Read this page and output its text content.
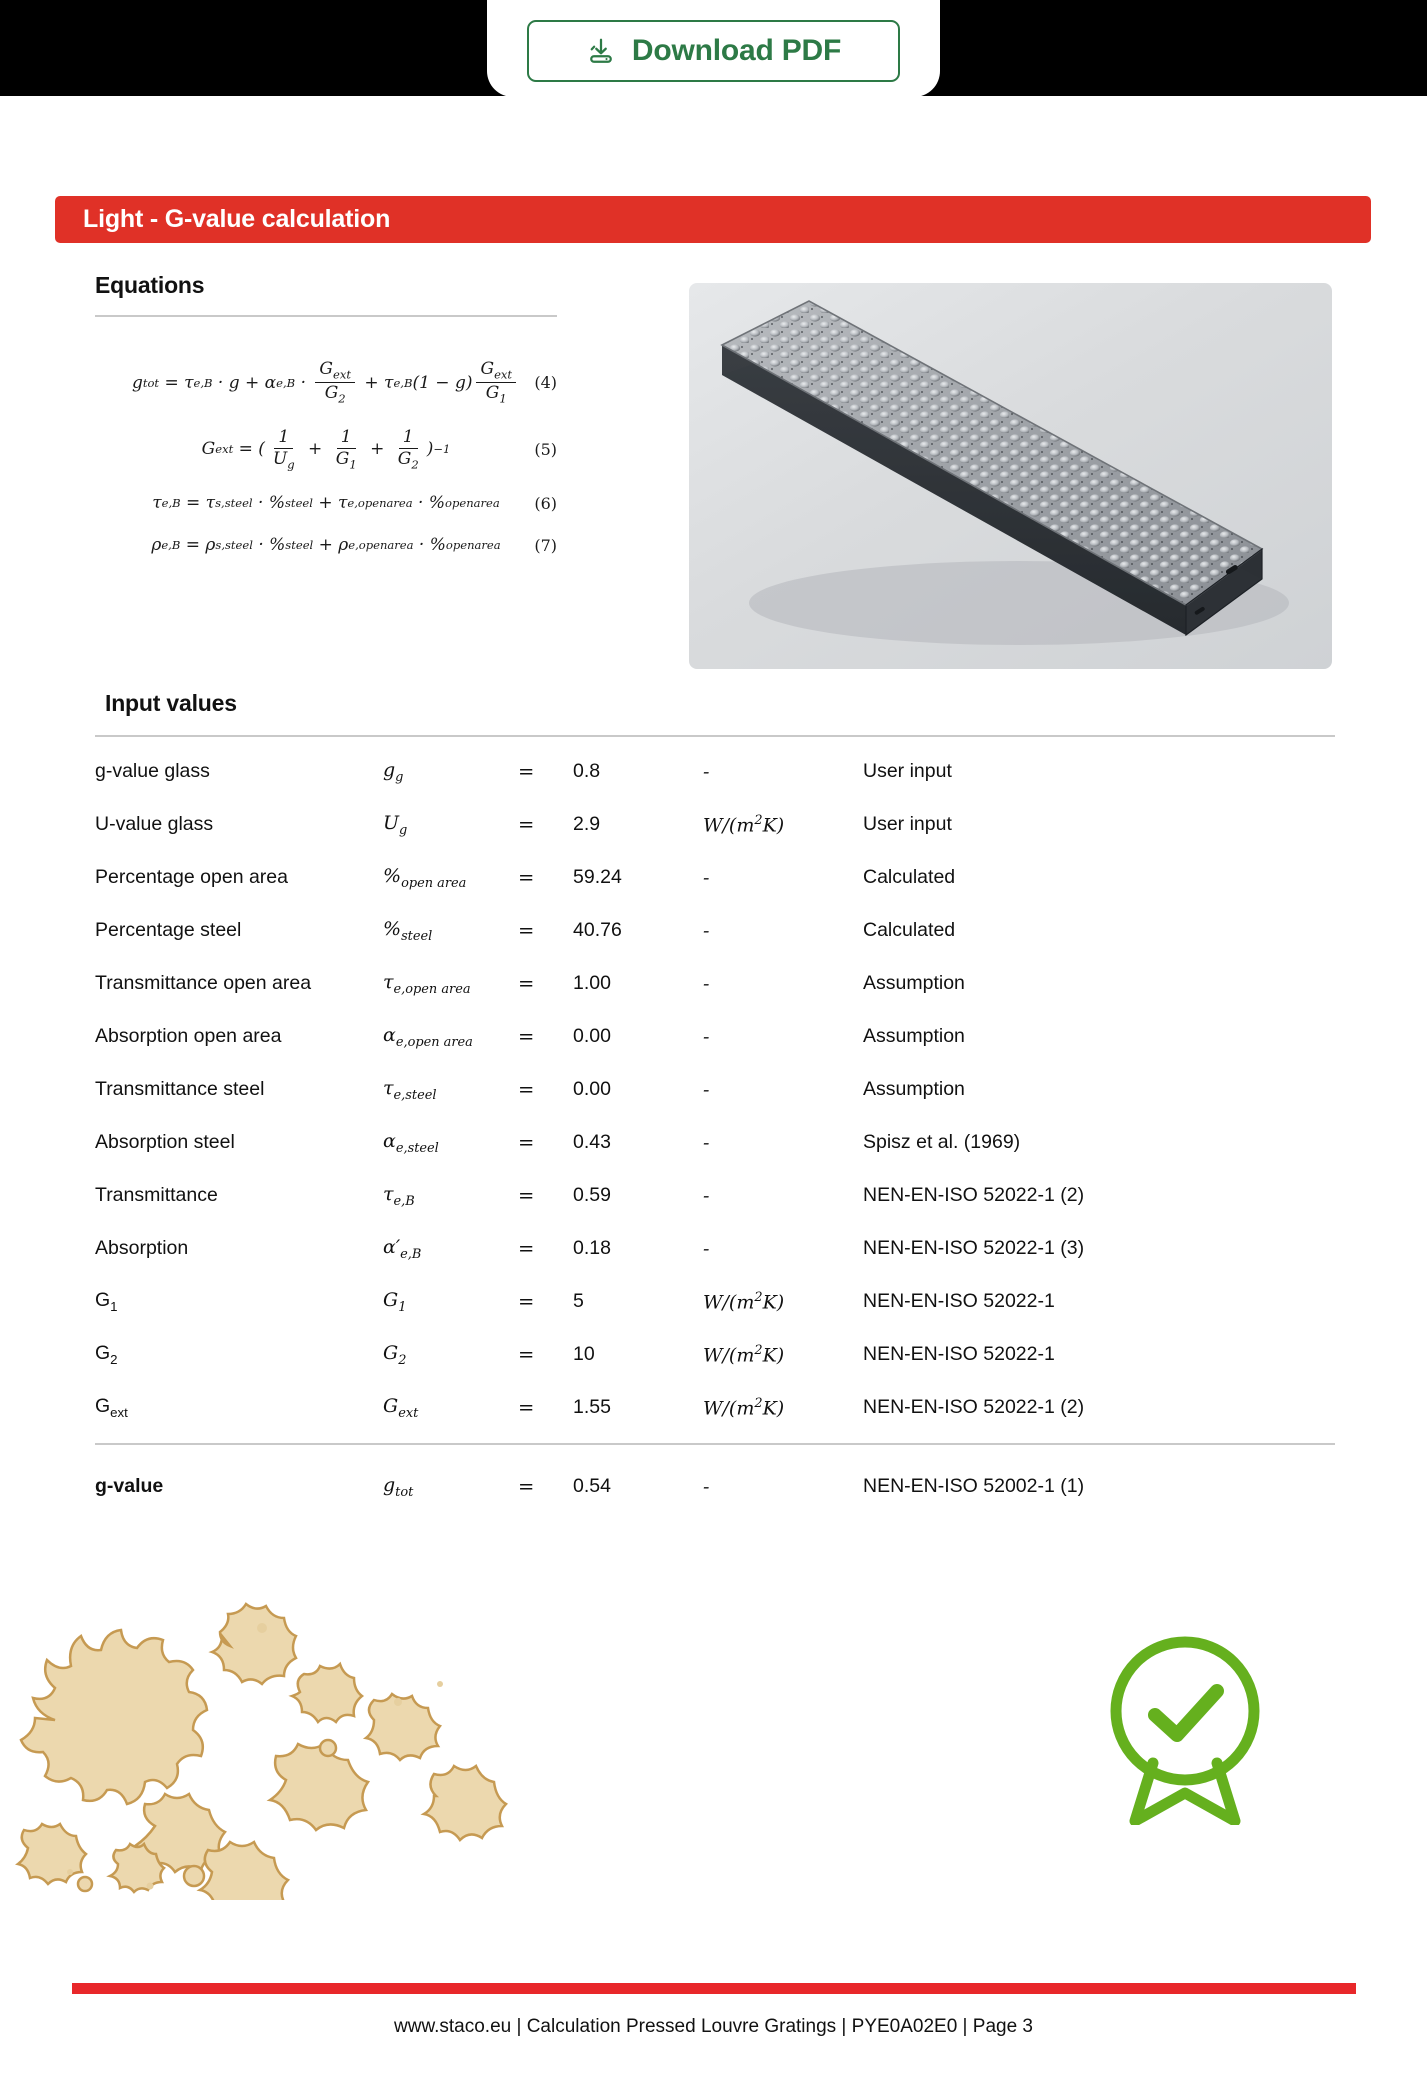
Download PDF
Light - G-value calculation
Equations
g tot = τ e,B · g + α $e,B \cdot \frac{G_{ext}}{G_2} + \tau$ e,B $(1 - g) \frac{G_{ext}}{G_1} (4)$
G ext = ( $\frac{1}{U_g} + \frac{1}{G_1} + \frac{1}{G_2}$ ) −1	(5)
τ e,B = τ s,steel · % steel + τ e,openarea · % openarea (6)
ρ e,B = ρ s,steel · % steel + ρ e,openarea · % openarea (7)
Input values
g-value glass	$g_g$	=	0.8	-	User input
U-value glass	$U_g$	=	2.9	$W/(m^2K)$	User input
Percentage open area	$\%_{open area}$	=	59.24	-	Calculated
Percentage steel	$\%_{steel}$	=	40.76	-	Calculated
Transmittance open area	$\tau_{e,open area}$	=	1.00	-	Assumption
Absorption open area	$\alpha_{e,open area}$	=	0.00	-	Assumption
Transmittance steel	$\tau_{e,steel}$	=	0.00	-	Assumption
Absorption steel	$\alpha_{e,steel}$	=	0.43	-	Spisz et al. (1969)
Transmittance	$\tau_{e,B}$	=	0.59	-	NEN-EN-ISO 52022-1 (2)
Absorption	$\alpha'_{e,B}$	=	0.18	-	NEN-EN-ISO 52022-1 (3)
$G_1$	$G_1$	=	5	$W/(m^2K)$	NEN-EN-ISO 52022-1
$G_2$	$G_2$	=	10	$W/(m^2K)$	NEN-EN-ISO 52022-1
$G_{ext}$	$G_{ext}$	=	1.55	$W/(m^2K)$	NEN-EN-ISO 52022-1 (2)
g-value	$g_{tot}$	=	0.54	-	NEN-EN-ISO 52002-1 (1)
www.staco.eu | Calculation Pressed Louvre Gratings | PYE0A02E0 | Page 3
